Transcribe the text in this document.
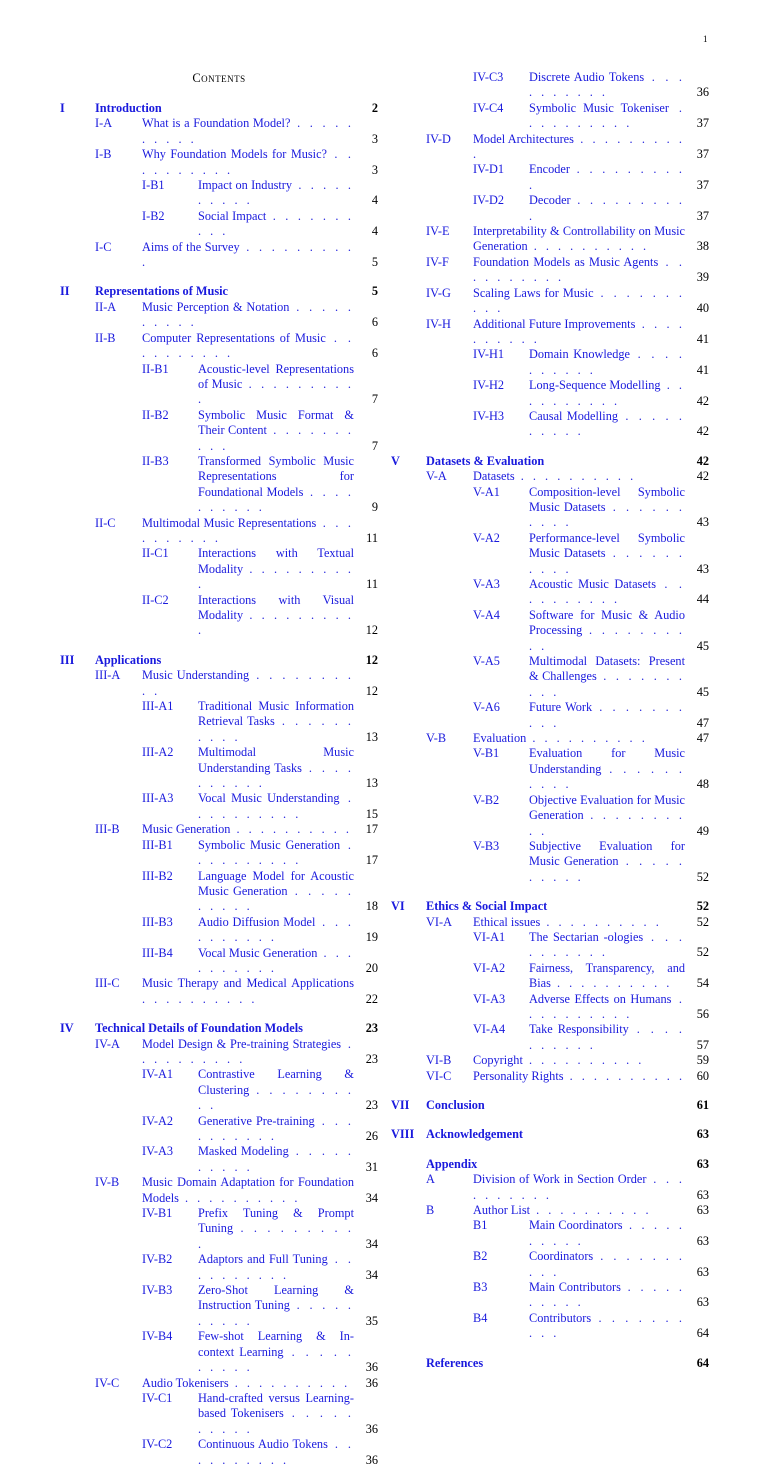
1
Contents
I Introduction	2
I-A What is a Foundation Model? . . . . . . . . . .	3
I-B Why Foundation Models for Music? . . . . . . . . . .	3
I-B1	Impact on Industry . . . . . . . . . .	4
I-B2	Social Impact . . . . . . . . . .	4
I-C Aims of the Survey . . . . . . . . . .	5
II Representations of Music	5
II-A Music Perception & Notation . . . . . . . . . .	6
II-B Computer Representations of Music . . . . . . . . . .	6
II-B1 Acoustic-level Representations of Music . . . . . . . . . .	7
II-B2 Symbolic Music Format & Their Content . . . . . . . . . .	7
II-B3 Transformed Symbolic Music Representations for Foundational Models . . . . . . . . . .	9
II-C Multimodal Music Representations . . . . . . . . . .	11
II-C1 Interactions with Textual Modality . . . . . . . . . .	11
II-C2 Interactions with Visual Modality . . . . . . . . . .	12
III Applications	12
III-A Music Understanding . . . . . . . . . .	12
III-A1 Traditional Music Information Retrieval Tasks . . . . . . . . . .	13
III-A2 Multimodal Music Understanding Tasks . . . . . . . . . .	13
III-A3 Vocal Music Understanding . . . . . . . . . .	15
III-B Music Generation . . . . . . . . . . 17
III-B1 Symbolic Music Generation . . . . . . . . . .	17
III-B2 Language Model for Acoustic Music Generation . . . . . . . . . .	18
III-B3 Audio Diffusion Model . . . . . . . . . .	19
III-B4 Vocal Music Generation . . . . . . . . . .	20
III-C Music Therapy and Medical Applications . . . . . . . . . .	22
IV Technical Details of Foundation Models	23
IV-A Model Design & Pre-training Strategies . . . . . . . . . .	23
IV-A1 Contrastive Learning & Clustering . . . . . . . . . .	23
IV-A2 Generative Pre-training . . . . . . . . . .	26
IV-A3 Masked Modeling . . . . . . . . . .	31
IV-B Music Domain Adaptation for Foundation Models . . . . . . . . . .	34
IV-B1 Prefix Tuning & Prompt Tuning . . . . . . . . . .	34
IV-B2 Adaptors and Full Tuning . . . . . . . . . .	34
IV-B3 Zero-Shot Learning & Instruction Tuning . . . . . . . . . .	35
IV-B4 Few-shot Learning & In-context Learning . . . . . . . . . .	36
IV-C Audio Tokenisers . . . . . . . . . .	36
IV-C1 Hand-crafted versus Learning-based Tokenisers . . . . . . . . . .	36
IV-C2 Continuous Audio Tokens . . . . . . . . . .	36
IV-C3 Discrete Audio Tokens . . . . . . . . . .	36
IV-C4 Symbolic Music Tokeniser . . . . . . . . . .	37
IV-D Model Architectures . . . . . . . . . .	37
IV-D1 Encoder . . . . . . . . . .	37
IV-D2 Decoder . . . . . . . . . .	37
IV-E Interpretability & Controllability on Music Generation . . . . . . . . . .	38
IV-F Foundation Models as Music Agents . . . . . . . . . .	39
IV-G Scaling Laws for Music . . . . . . . . . .	40
IV-H Additional Future Improvements . . . . . . . . . .	41
IV-H1 Domain Knowledge . . . . . . . . . .	41
IV-H2 Long-Sequence Modelling . . . . . . . . . .	42
IV-H3 Causal Modelling . . . . . . . . . .	42
V Datasets & Evaluation	42
V-A Datasets . . . . . . . . . .	42
V-A1 Composition-level Symbolic Music Datasets . . . . . . . . . .	43
V-A2 Performance-level Symbolic Music Datasets . . . . . . . . . .	43
V-A3 Acoustic Music Datasets . . . . . . . . . .	44
V-A4 Software for Music & Audio Processing . . . . . . . . . .	45
V-A5 Multimodal Datasets: Present & Challenges . . . . . . . . . .	45
V-A6 Future Work . . . . . . . . . .	47
V-B Evaluation . . . . . . . . . .	47
V-B1 Evaluation for Music Understanding . . . . . . . . . .	48
V-B2 Objective Evaluation for Music Generation . . . . . . . . . .	49
V-B3 Subjective Evaluation for Music Generation . . . . . . . . . .	52
VI Ethics & Social Impact	52
VI-A Ethical issues . . . . . . . . . .	52
VI-A1 The Sectarian -ologies . . . . . . . . . .	52
VI-A2 Fairness, Transparency, and Bias . . . . . . . . . .	54
VI-A3 Adverse Effects on Humans . . . . . . . . . .	56
VI-A4 Take Responsibility . . . . . . . . . .	57
VI-B Copyright . . . . . . . . . .	59
VI-C Personality Rights . . . . . . . . . . 60
VII Conclusion	61
VIII Acknowledgement	63
Appendix	63
A	Division of Work in Section Order . . . . . . . . . .	63
B	Author List . . . . . . . . . .	63
B1	Main Coordinators . . . . . . . . . .	63
B2	Coordinators . . . . . . . . . .	63
B3	Main Contributors . . . . . . . . . .	63
B4	Contributors . . . . . . . . . .	64
References	64
